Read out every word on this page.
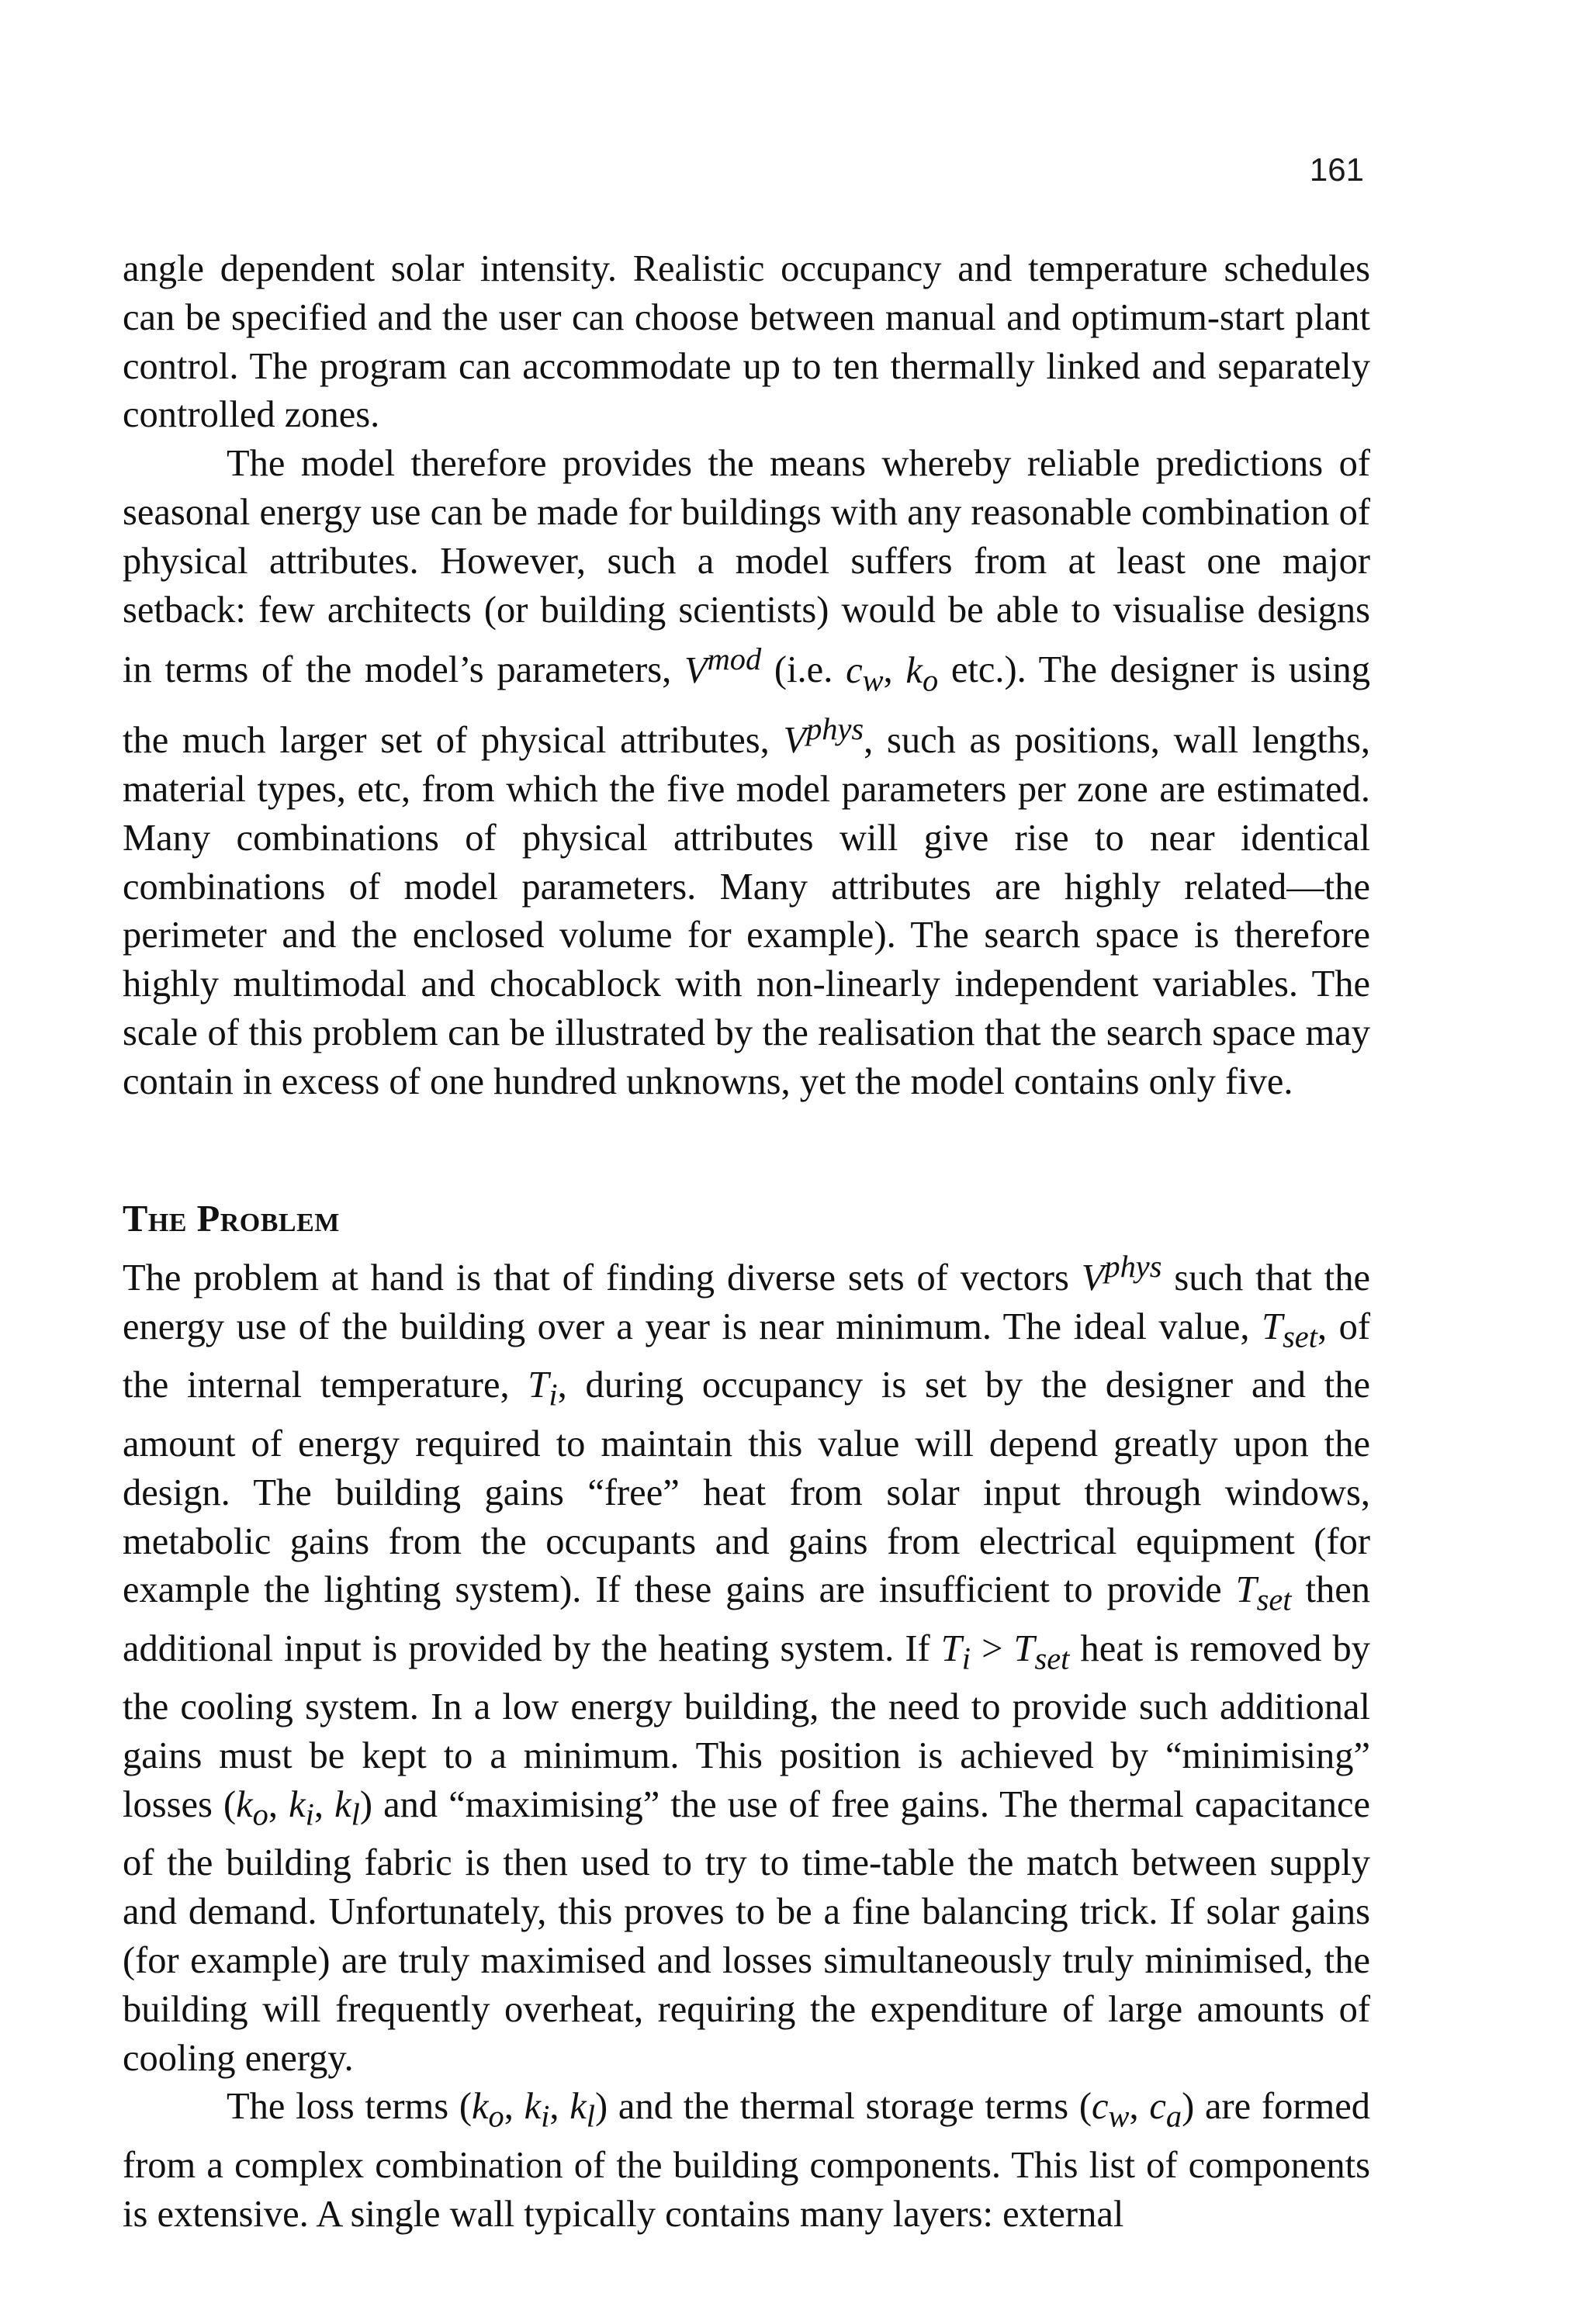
161

angle dependent solar intensity. Realistic occupancy and temperature schedules can be specified and the user can choose between manual and optimum-start plant control. The program can accommodate up to ten thermally linked and separately controlled zones.

The model therefore provides the means whereby reliable predictions of seasonal energy use can be made for buildings with any reasonable combination of physical attributes. However, such a model suffers from at least one major setback: few architects (or building scientists) would be able to visualise designs in terms of the model’s parameters, $V^{mod}$ (i.e. $c_w$, $k_o$ etc.). The designer is using the much larger set of physical attributes, $V^{phys}$, such as positions, wall lengths, material types, etc, from which the five model parameters per zone are estimated. Many combinations of physical attributes will give rise to near identical combinations of model parameters. Many attributes are highly related—the perimeter and the enclosed volume for example). The search space is therefore highly multimodal and chocablock with non-linearly independent variables. The scale of this problem can be illustrated by the realisation that the search space may contain in excess of one hundred unknowns, yet the model contains only five.

The Problem

The problem at hand is that of finding diverse sets of vectors $V^{phys}$ such that the energy use of the building over a year is near minimum. The ideal value, $T_{set}$, of the internal temperature, $T_i$, during occupancy is set by the designer and the amount of energy required to maintain this value will depend greatly upon the design. The building gains “free” heat from solar input through windows, metabolic gains from the occupants and gains from electrical equipment (for example the lighting system). If these gains are insufficient to provide $T_{set}$ then additional input is provided by the heating system. If $T_i > T_{set}$ heat is removed by the cooling system. In a low energy building, the need to provide such additional gains must be kept to a minimum. This position is achieved by “minimising” losses ($k_o$, $k_i$, $k_l$) and “maximising” the use of free gains. The thermal capacitance of the building fabric is then used to try to time-table the match between supply and demand. Unfortunately, this proves to be a fine balancing trick. If solar gains (for example) are truly maximised and losses simultaneously truly minimised, the building will frequently overheat, requiring the expenditure of large amounts of cooling energy.

The loss terms ($k_o$, $k_i$, $k_l$) and the thermal storage terms ($c_w$, $c_a$) are formed from a complex combination of the building components. This list of components is extensive. A single wall typically contains many layers: external
